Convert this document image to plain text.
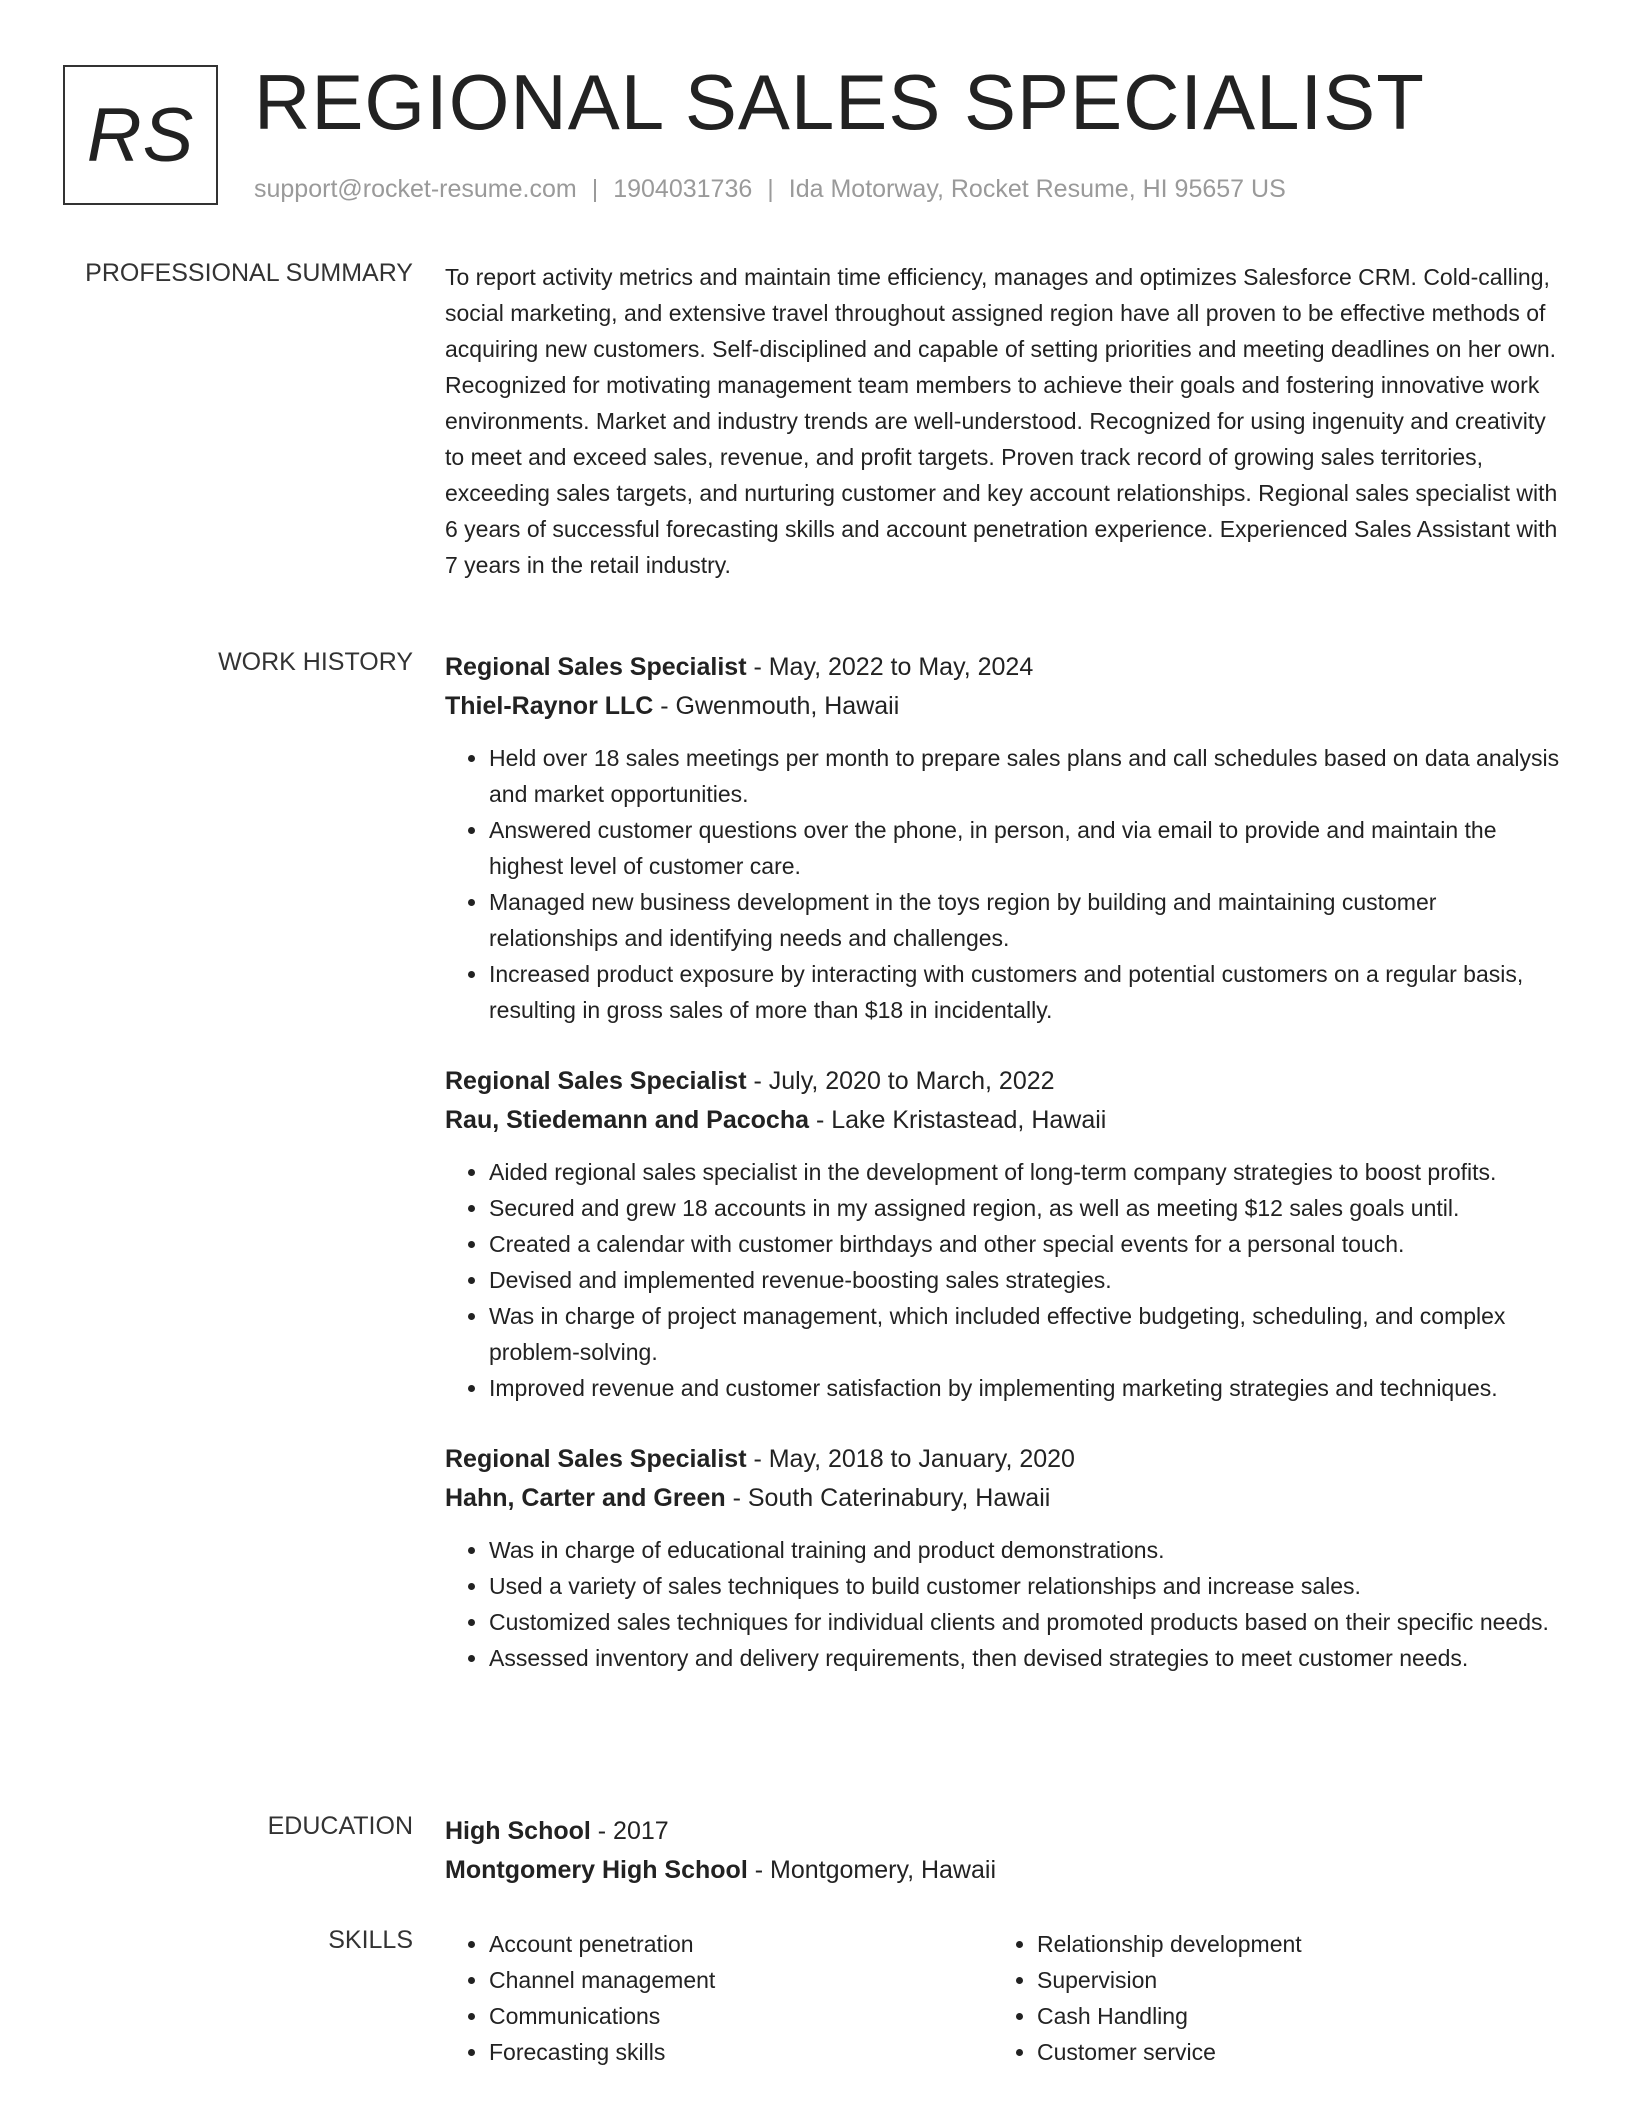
RS REGIONAL SALES SPECIALIST
support@rocket-resume.com | 1904031736 | Ida Motorway, Rocket Resume, HI 95657 US
PROFESSIONAL SUMMARY To report activity metrics and maintain time efficiency, manages and optimizes Salesforce CRM. Cold-calling, social marketing, and extensive travel throughout assigned region have all proven to be effective methods of acquiring new customers. Self-disciplined and capable of setting priorities and meeting deadlines on her own. Recognized for motivating management team members to achieve their goals and fostering innovative work environments. Market and industry trends are well-understood. Recognized for using ingenuity and creativity to meet and exceed sales, revenue, and profit targets. Proven track record of growing sales territories, exceeding sales targets, and nurturing customer and key account relationships. Regional sales specialist with 6 years of successful forecasting skills and account penetration experience. Experienced Sales Assistant with 7 years in the retail industry.

WORK HISTORY Regional Sales Specialist - May, 2022 to May, 2024
Thiel-Raynor LLC - Gwenmouth, Hawaii
• Held over 18 sales meetings per month to prepare sales plans and call schedules based on data analysis and market opportunities.
• Answered customer questions over the phone, in person, and via email to provide and maintain the highest level of customer care.
• Managed new business development in the toys region by building and maintaining customer relationships and identifying needs and challenges.
• Increased product exposure by interacting with customers and potential customers on a regular basis, resulting in gross sales of more than $18 in incidentally.
Regional Sales Specialist - July, 2020 to March, 2022
Rau, Stiedemann and Pacocha - Lake Kristastead, Hawaii
• Aided regional sales specialist in the development of long-term company strategies to boost profits.
• Secured and grew 18 accounts in my assigned region, as well as meeting $12 sales goals until.
• Created a calendar with customer birthdays and other special events for a personal touch.
• Devised and implemented revenue-boosting sales strategies.
• Was in charge of project management, which included effective budgeting, scheduling, and complex problem-solving.
• Improved revenue and customer satisfaction by implementing marketing strategies and techniques.
Regional Sales Specialist - May, 2018 to January, 2020
Hahn, Carter and Green - South Caterinabury, Hawaii
• Was in charge of educational training and product demonstrations.
• Used a variety of sales techniques to build customer relationships and increase sales.
• Customized sales techniques for individual clients and promoted products based on their specific needs.
• Assessed inventory and delivery requirements, then devised strategies to meet customer needs.
EDUCATION High School - 2017
Montgomery High School - Montgomery, Hawaii
SKILLS
•	Account penetration
• Channel management
• Communications
• Forecasting skills
• Relationship development
• Supervision
• Cash Handling
• Customer service
